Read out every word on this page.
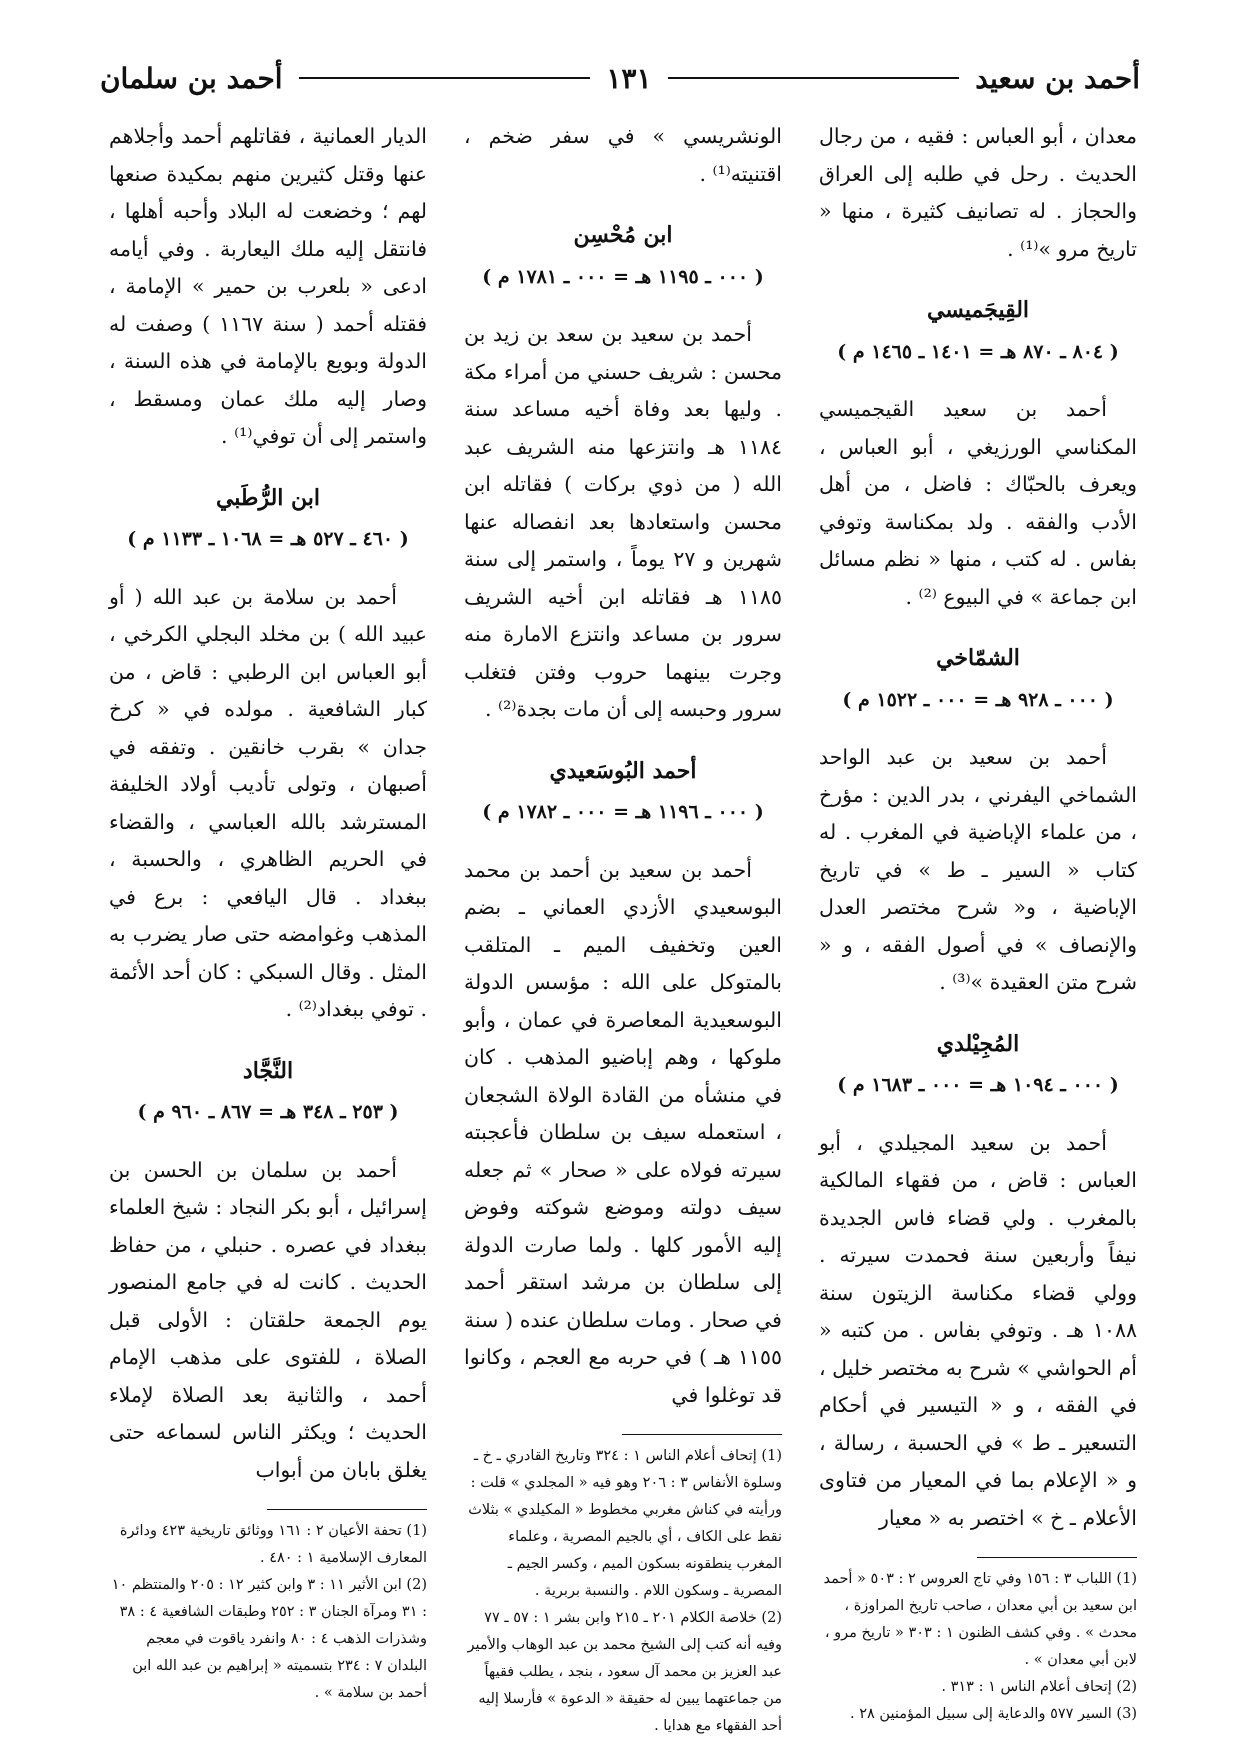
أحمد بن سعيد
١٣١
أحمد بن سلمان

معدان ، أبو العباس : فقيه ، من رجال الحديث . رحل في طلبه إلى العراق والحجاز . له تصانيف كثيرة ، منها « تاريخ مرو »⁽¹⁾ .

القِيجَميسي
( ٨٠٤ ـ ٨٧٠ هـ = ١٤٠١ ـ ١٤٦٥ م )

أحمد بن سعيد القيجميسي المكناسي الورزيغي ، أبو العباس ، ويعرف بالحبّاك : فاضل ، من أهل الأدب والفقه . ولد بمكناسة وتوفي بفاس . له كتب ، منها « نظم مسائل ابن جماعة » في البيوع ⁽²⁾ .

الشمّاخي
( ٠٠٠ ـ ٩٢٨ هـ = ٠٠٠ ـ ١٥٢٢ م )

أحمد بن سعيد بن عبد الواحد الشماخي اليفرني ، بدر الدين : مؤرخ ، من علماء الإباضية في المغرب . له كتاب « السير ـ ط » في تاريخ الإباضية ، و« شرح مختصر العدل والإنصاف » في أصول الفقه ، و « شرح متن العقيدة »⁽³⁾ .

المُجِيْلدي
( ٠٠٠ ـ ١٠٩٤ هـ = ٠٠٠ ـ ١٦٨٣ م )

أحمد بن سعيد المجيلدي ، أبو العباس : قاض ، من فقهاء المالكية بالمغرب . ولي قضاء فاس الجديدة نيفاً وأربعين سنة فحمدت سيرته . وولي قضاء مكناسة الزيتون سنة ١٠٨٨ هـ . وتوفي بفاس . من كتبه « أم الحواشي » شرح به مختصر خليل ، في الفقه ، و « التيسير في أحكام التسعير ـ ط » في الحسبة ، رسالة ، و « الإعلام بما في المعيار من فتاوى الأعلام ـ خ » اختصر به « معيار

(1) اللباب ٣ : ١٥٦ وفي تاج العروس ٢ : ٥٠٣ « أحمد ابن سعيد بن أبي معدان ، صاحب تاريخ المراوزة ، محدث » . وفي كشف الظنون ١ : ٣٠٣ « تاريخ مرو ، لابن أبي معدان » .
(2) إتحاف أعلام الناس ١ : ٣١٣ .
(3) السير ٥٧٧ والدعاية إلى سبيل المؤمنين ٢٨ .

الونشريسي » في سفر ضخم ، اقتنيته⁽¹⁾ .

ابن مُحْسِن
( ٠٠٠ ـ ١١٩٥ هـ = ٠٠٠ ـ ١٧٨١ م )

أحمد بن سعيد بن سعد بن زيد بن محسن : شريف حسني من أمراء مكة . وليها بعد وفاة أخيه مساعد سنة ١١٨٤ هـ وانتزعها منه الشريف عبد الله ( من ذوي بركات ) فقاتله ابن محسن واستعادها بعد انفصاله عنها شهرين و ٢٧ يوماً ، واستمر إلى سنة ١١٨٥ هـ فقاتله ابن أخيه الشريف سرور بن مساعد وانتزع الامارة منه وجرت بينهما حروب وفتن فتغلب سرور وحبسه إلى أن مات بجدة⁽²⁾ .

أحمد البُوسَعيدي
( ٠٠٠ ـ ١١٩٦ هـ = ٠٠٠ ـ ١٧٨٢ م )

أحمد بن سعيد بن أحمد بن محمد البوسعيدي الأزدي العماني ـ بضم العين وتخفيف الميم ـ المتلقب بالمتوكل على الله : مؤسس الدولة البوسعيدية المعاصرة في عمان ، وأبو ملوكها ، وهم إباضيو المذهب . كان في منشأه من القادة الولاة الشجعان ، استعمله سيف بن سلطان فأعجبته سيرته فولاه على « صحار » ثم جعله سيف دولته وموضع شوكته وفوض إليه الأمور كلها . ولما صارت الدولة إلى سلطان بن مرشد استقر أحمد في صحار . ومات سلطان عنده ( سنة ١١٥٥ هـ ) في حربه مع العجم ، وكانوا قد توغلوا في

(1) إتحاف أعلام الناس ١ : ٣٢٤ وتاريخ القادري ـ خ ـ وسلوة الأنفاس ٣ : ٢٠٦ وهو فيه « المجلدي » قلت : ورأيته في كناش مغربي مخطوط « المكيلدي » بثلاث نقط على الكاف ، أي بالجيم المصرية ، وعلماء المغرب ينطقونه بسكون الميم ، وكسر الجيم ـ المصرية ـ وسكون اللام . والنسبة بربرية .
(2) خلاصة الكلام ٢٠١ ـ ٢١٥ وابن بشر ١ : ٥٧ ـ ٧٧ وفيه أنه كتب إلى الشيخ محمد بن عبد الوهاب والأمير عبد العزيز بن محمد آل سعود ، بنجد ، يطلب فقيهاً من جماعتهما يبين له حقيقة « الدعوة » فأرسلا إليه أحد الفقهاء مع هدايا .

الديار العمانية ، فقاتلهم أحمد وأجلاهم عنها وقتل كثيرين منهم بمكيدة صنعها لهم ؛ وخضعت له البلاد وأحبه أهلها ، فانتقل إليه ملك اليعاربة . وفي أيامه ادعى « بلعرب بن حمير » الإمامة ، فقتله أحمد ( سنة ١١٦٧ ) وصفت له الدولة وبويع بالإمامة في هذه السنة ، وصار إليه ملك عمان ومسقط ، واستمر إلى أن توفي⁽¹⁾ .

ابن الرُّطَبي
( ٤٦٠ ـ ٥٢٧ هـ = ١٠٦٨ ـ ١١٣٣ م )

أحمد بن سلامة بن عبد الله ( أو عبيد الله ) بن مخلد البجلي الكرخي ، أبو العباس ابن الرطبي : قاض ، من كبار الشافعية . مولده في « كرخ جدان » بقرب خانقين . وتفقه في أصبهان ، وتولى تأديب أولاد الخليفة المسترشد بالله العباسي ، والقضاء في الحريم الظاهري ، والحسبة ، ببغداد . قال اليافعي : برع في المذهب وغوامضه حتى صار يضرب به المثل . وقال السبكي : كان أحد الأئمة . توفي ببغداد⁽²⁾ .

النَّجَّاد
( ٢٥٣ ـ ٣٤٨ هـ = ٨٦٧ ـ ٩٦٠ م )

أحمد بن سلمان بن الحسن بن إسرائيل ، أبو بكر النجاد : شيخ العلماء ببغداد في عصره . حنبلي ، من حفاظ الحديث . كانت له في جامع المنصور يوم الجمعة حلقتان : الأولى قبل الصلاة ، للفتوى على مذهب الإمام أحمد ، والثانية بعد الصلاة لإملاء الحديث ؛ ويكثر الناس لسماعه حتى يغلق بابان من أبواب

(1) تحفة الأعيان ٢ : ١٦١ ووثائق تاريخية ٤٢٣ ودائرة المعارف الإسلامية ١ : ٤٨٠ .
(2) ابن الأثير ١١ : ٣ وابن كثير ١٢ : ٢٠٥ والمنتظم ١٠ : ٣١ ومرآة الجنان ٣ : ٢٥٢ وطبقات الشافعية ٤ : ٣٨ وشذرات الذهب ٤ : ٨٠ وانفرد ياقوت في معجم البلدان ٧ : ٢٣٤ بتسميته « إبراهيم بن عبد الله ابن أحمد بن سلامة » .
